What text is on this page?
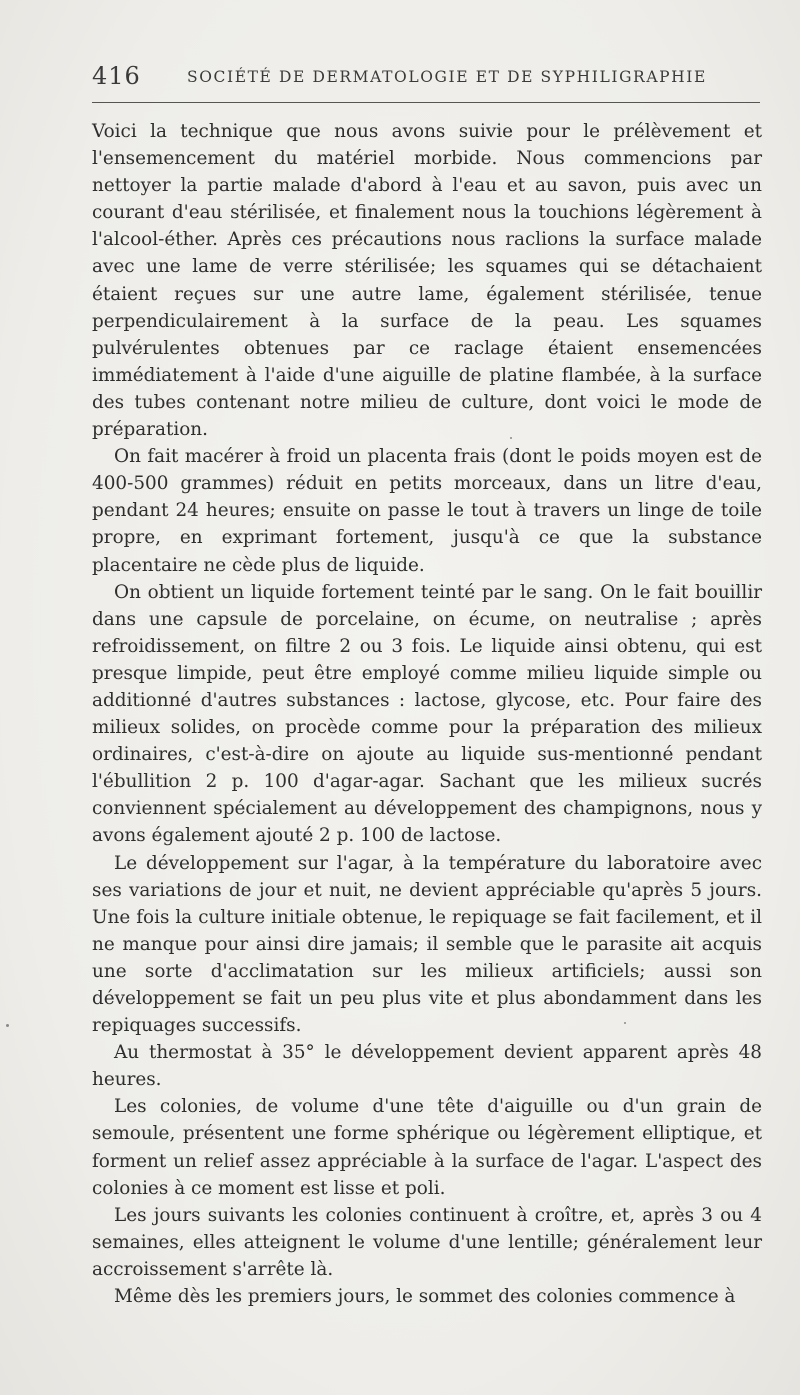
416	SOCIÉTÉ DE DERMATOLOGIE ET DE SYPHILIGRAPHIE

Voici la technique que nous avons suivie pour le prélèvement et l'ensemencement du matériel morbide. Nous commencions par nettoyer la partie malade d'abord à l'eau et au savon, puis avec un courant d'eau stérilisée, et finalement nous la touchions légèrement à l'alcool-éther. Après ces précautions nous raclions la surface malade avec une lame de verre stérilisée; les squames qui se détachaient étaient reçues sur une autre lame, également stérilisée, tenue perpendiculairement à la surface de la peau. Les squames pulvérulentes obtenues par ce raclage étaient ensemencées immédiatement à l'aide d'une aiguille de platine flambée, à la surface des tubes contenant notre milieu de culture, dont voici le mode de préparation.

On fait macérer à froid un placenta frais (dont le poids moyen est de 400-500 grammes) réduit en petits morceaux, dans un litre d'eau, pendant 24 heures; ensuite on passe le tout à travers un linge de toile propre, en exprimant fortement, jusqu'à ce que la substance placentaire ne cède plus de liquide.

On obtient un liquide fortement teinté par le sang. On le fait bouillir dans une capsule de porcelaine, on écume, on neutralise ; après refroidissement, on filtre 2 ou 3 fois. Le liquide ainsi obtenu, qui est presque limpide, peut être employé comme milieu liquide simple ou additionné d'autres substances : lactose, glycose, etc. Pour faire des milieux solides, on procède comme pour la préparation des milieux ordinaires, c'est-à-dire on ajoute au liquide sus-mentionné pendant l'ébullition 2 p. 100 d'agar-agar. Sachant que les milieux sucrés conviennent spécialement au développement des champignons, nous y avons également ajouté 2 p. 100 de lactose.

Le développement sur l'agar, à la température du laboratoire avec ses variations de jour et nuit, ne devient appréciable qu'après 5 jours. Une fois la culture initiale obtenue, le repiquage se fait facilement, et il ne manque pour ainsi dire jamais; il semble que le parasite ait acquis une sorte d'acclimatation sur les milieux artificiels; aussi son développement se fait un peu plus vite et plus abondamment dans les repiquages successifs.

Au thermostat à 35° le développement devient apparent après 48 heures.

Les colonies, de volume d'une tête d'aiguille ou d'un grain de semoule, présentent une forme sphérique ou légèrement elliptique, et forment un relief assez appréciable à la surface de l'agar. L'aspect des colonies à ce moment est lisse et poli.

Les jours suivants les colonies continuent à croître, et, après 3 ou 4 semaines, elles atteignent le volume d'une lentille; généralement leur accroissement s'arrête là.

Même dès les premiers jours, le sommet des colonies commence à
